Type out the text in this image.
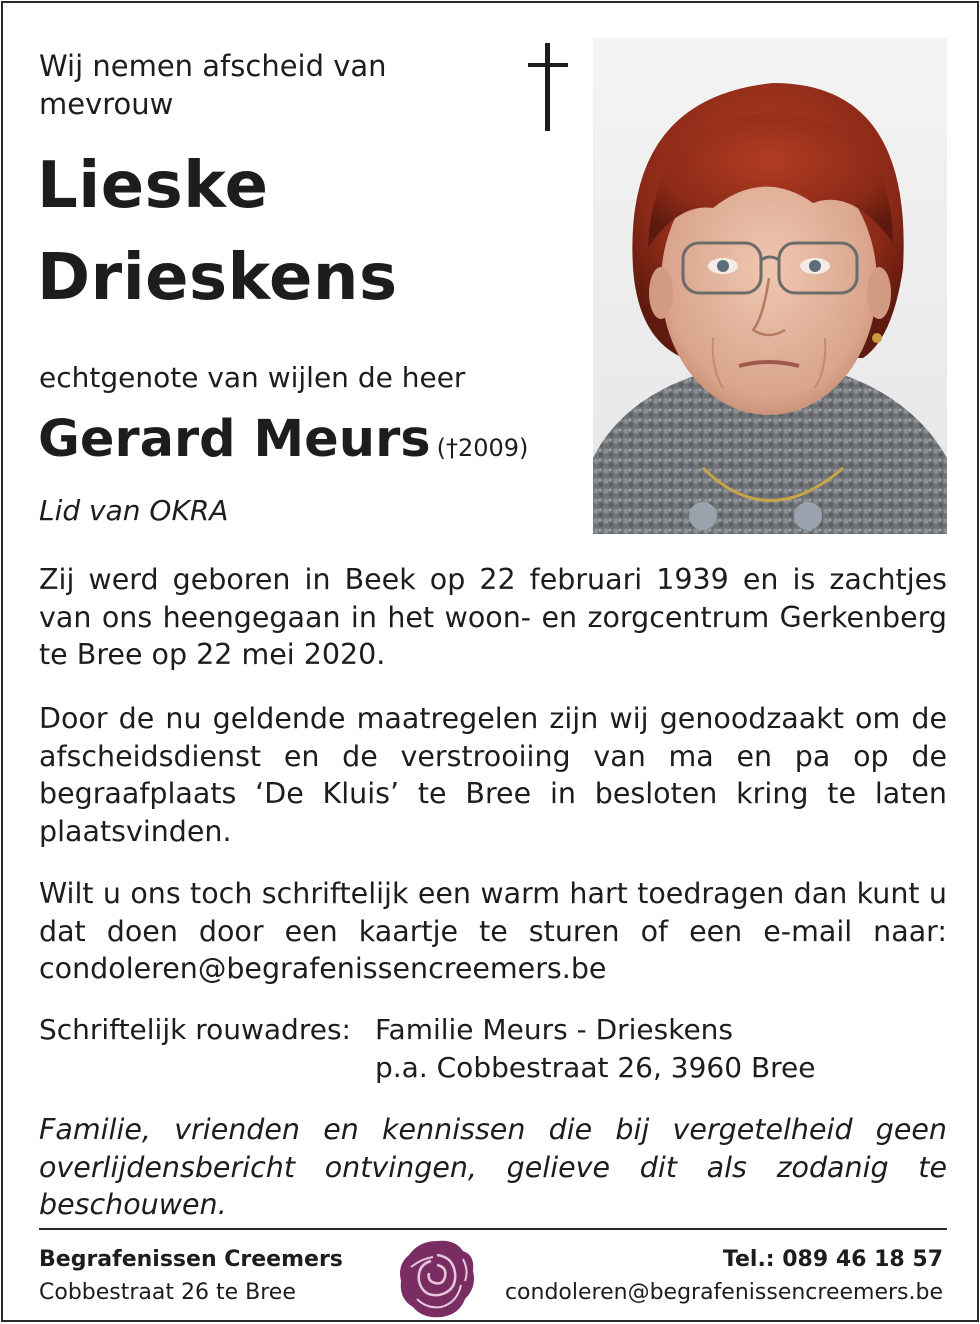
Wij nemen afscheid van
mevrouw
Lieske
Drieskens
echtgenote van wijlen de heer
Gerard Meurs (†2009)
Lid van OKRA
Zij werd geboren in Beek op 22 februari 1939 en is zachtjes van ons heengegaan in het woon- en zorgcentrum Gerkenberg te Bree op 22 mei 2020.
Door de nu geldende maatregelen zijn wij genoodzaakt om de afscheidsdienst en de verstrooiing van ma en pa op de begraafplaats ‘De Kluis’ te Bree in besloten kring te laten plaatsvinden.
Wilt u ons toch schriftelijk een warm hart toedragen dan kunt u dat doen door een kaartje te sturen of een e-mail naar: condoleren@begrafenissencreemers.be
Schriftelijk rouwadres: Familie Meurs - Drieskens
p.a. Cobbestraat 26, 3960 Bree
Familie, vrienden en kennissen die bij vergetelheid geen overlijdensbericht ontvingen, gelieve dit als zodanig te beschouwen.
Begrafenissen Creemers
Cobbestraat 26 te Bree
Tel.: 089 46 18 57
condoleren@begrafenissencreemers.be
